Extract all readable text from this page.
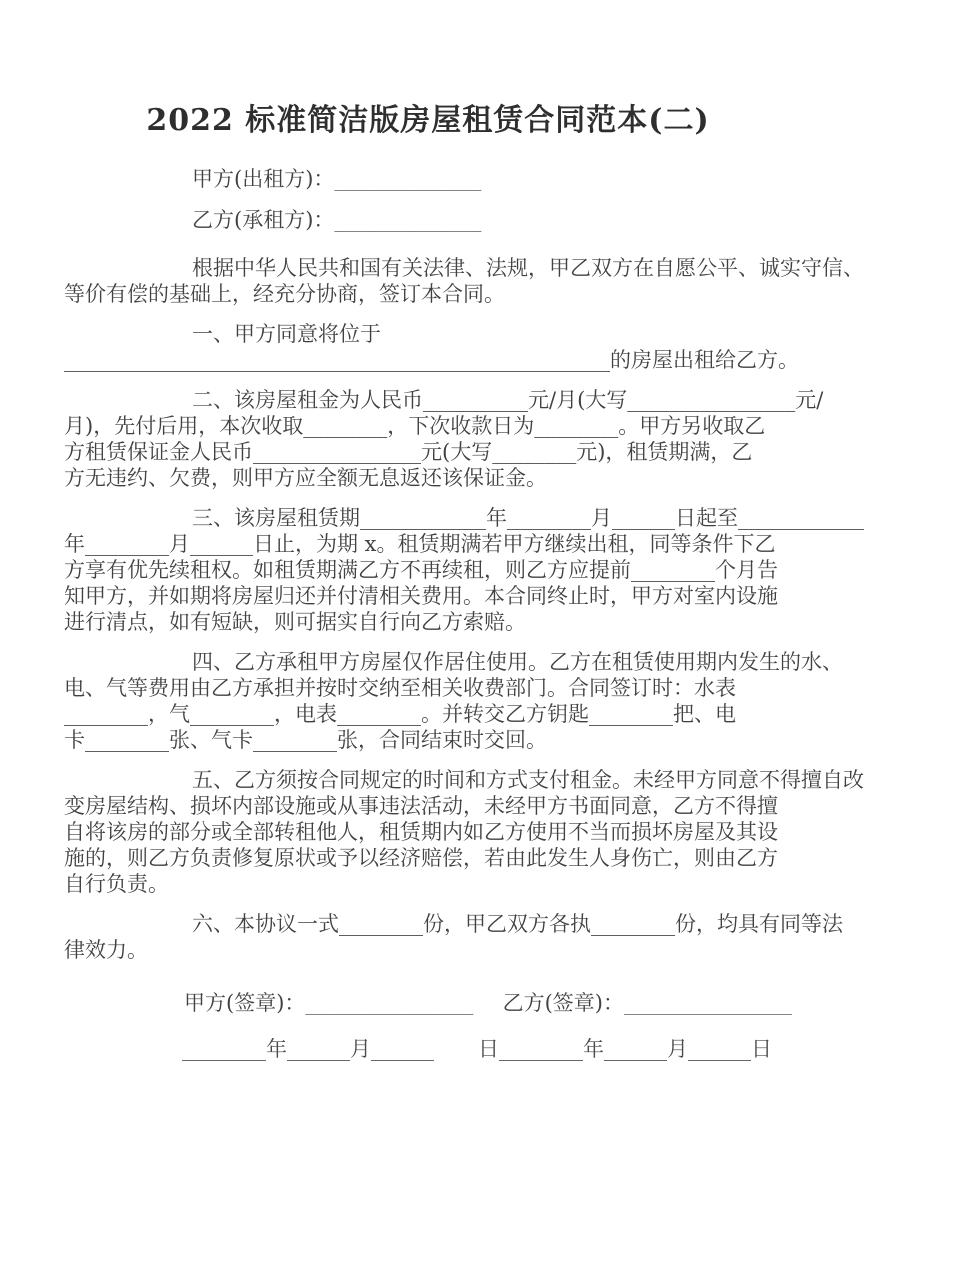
2022 标准简洁版房屋租赁合同范本(二)
甲方(出租方)：______________
乙方(承租方)：______________
根据中华人民共和国有关法律、法规，甲乙双方在自愿公平、诚实守信、
等价有偿的基础上，经充分协商，签订本合同。
一、甲方同意将位于
____________________________________________________的房屋出租给乙方。
二、该房屋租金为人民币__________元/月(大写________________元/
月)，先付后用，本次收取________，下次收款日为________。甲方另收取乙
方租赁保证金人民币________________元(大写________元)，租赁期满，乙
方无违约、欠费，则甲方应全额无息返还该保证金。
三、该房屋租赁期____________年________月______日起至____________
年________月______日止，为期 x。租赁期满若甲方继续出租，同等条件下乙
方享有优先续租权。如租赁期满乙方不再续租，则乙方应提前________个月告
知甲方，并如期将房屋归还并付清相关费用。本合同终止时，甲方对室内设施
进行清点，如有短缺，则可据实自行向乙方索赔。
四、乙方承租甲方房屋仅作居住使用。乙方在租赁使用期内发生的水、
电、气等费用由乙方承担并按时交纳至相关收费部门。合同签订时：水表
________，气________，电表________。并转交乙方钥匙________把、电
卡________张、气卡________张，合同结束时交回。
五、乙方须按合同规定的时间和方式支付租金。未经甲方同意不得擅自改
变房屋结构、损坏内部设施或从事违法活动，未经甲方书面同意，乙方不得擅
自将该房的部分或全部转租他人，租赁期内如乙方使用不当而损坏房屋及其设
施的，则乙方负责修复原状或予以经济赔偿，若由此发生人身伤亡，则由乙方
自行负责。
六、本协议一式________份，甲乙双方各执________份，均具有同等法
律效力。
甲方(签章)：________________ 乙方(签章)：________________
________年______月______ 日________年______月______日
